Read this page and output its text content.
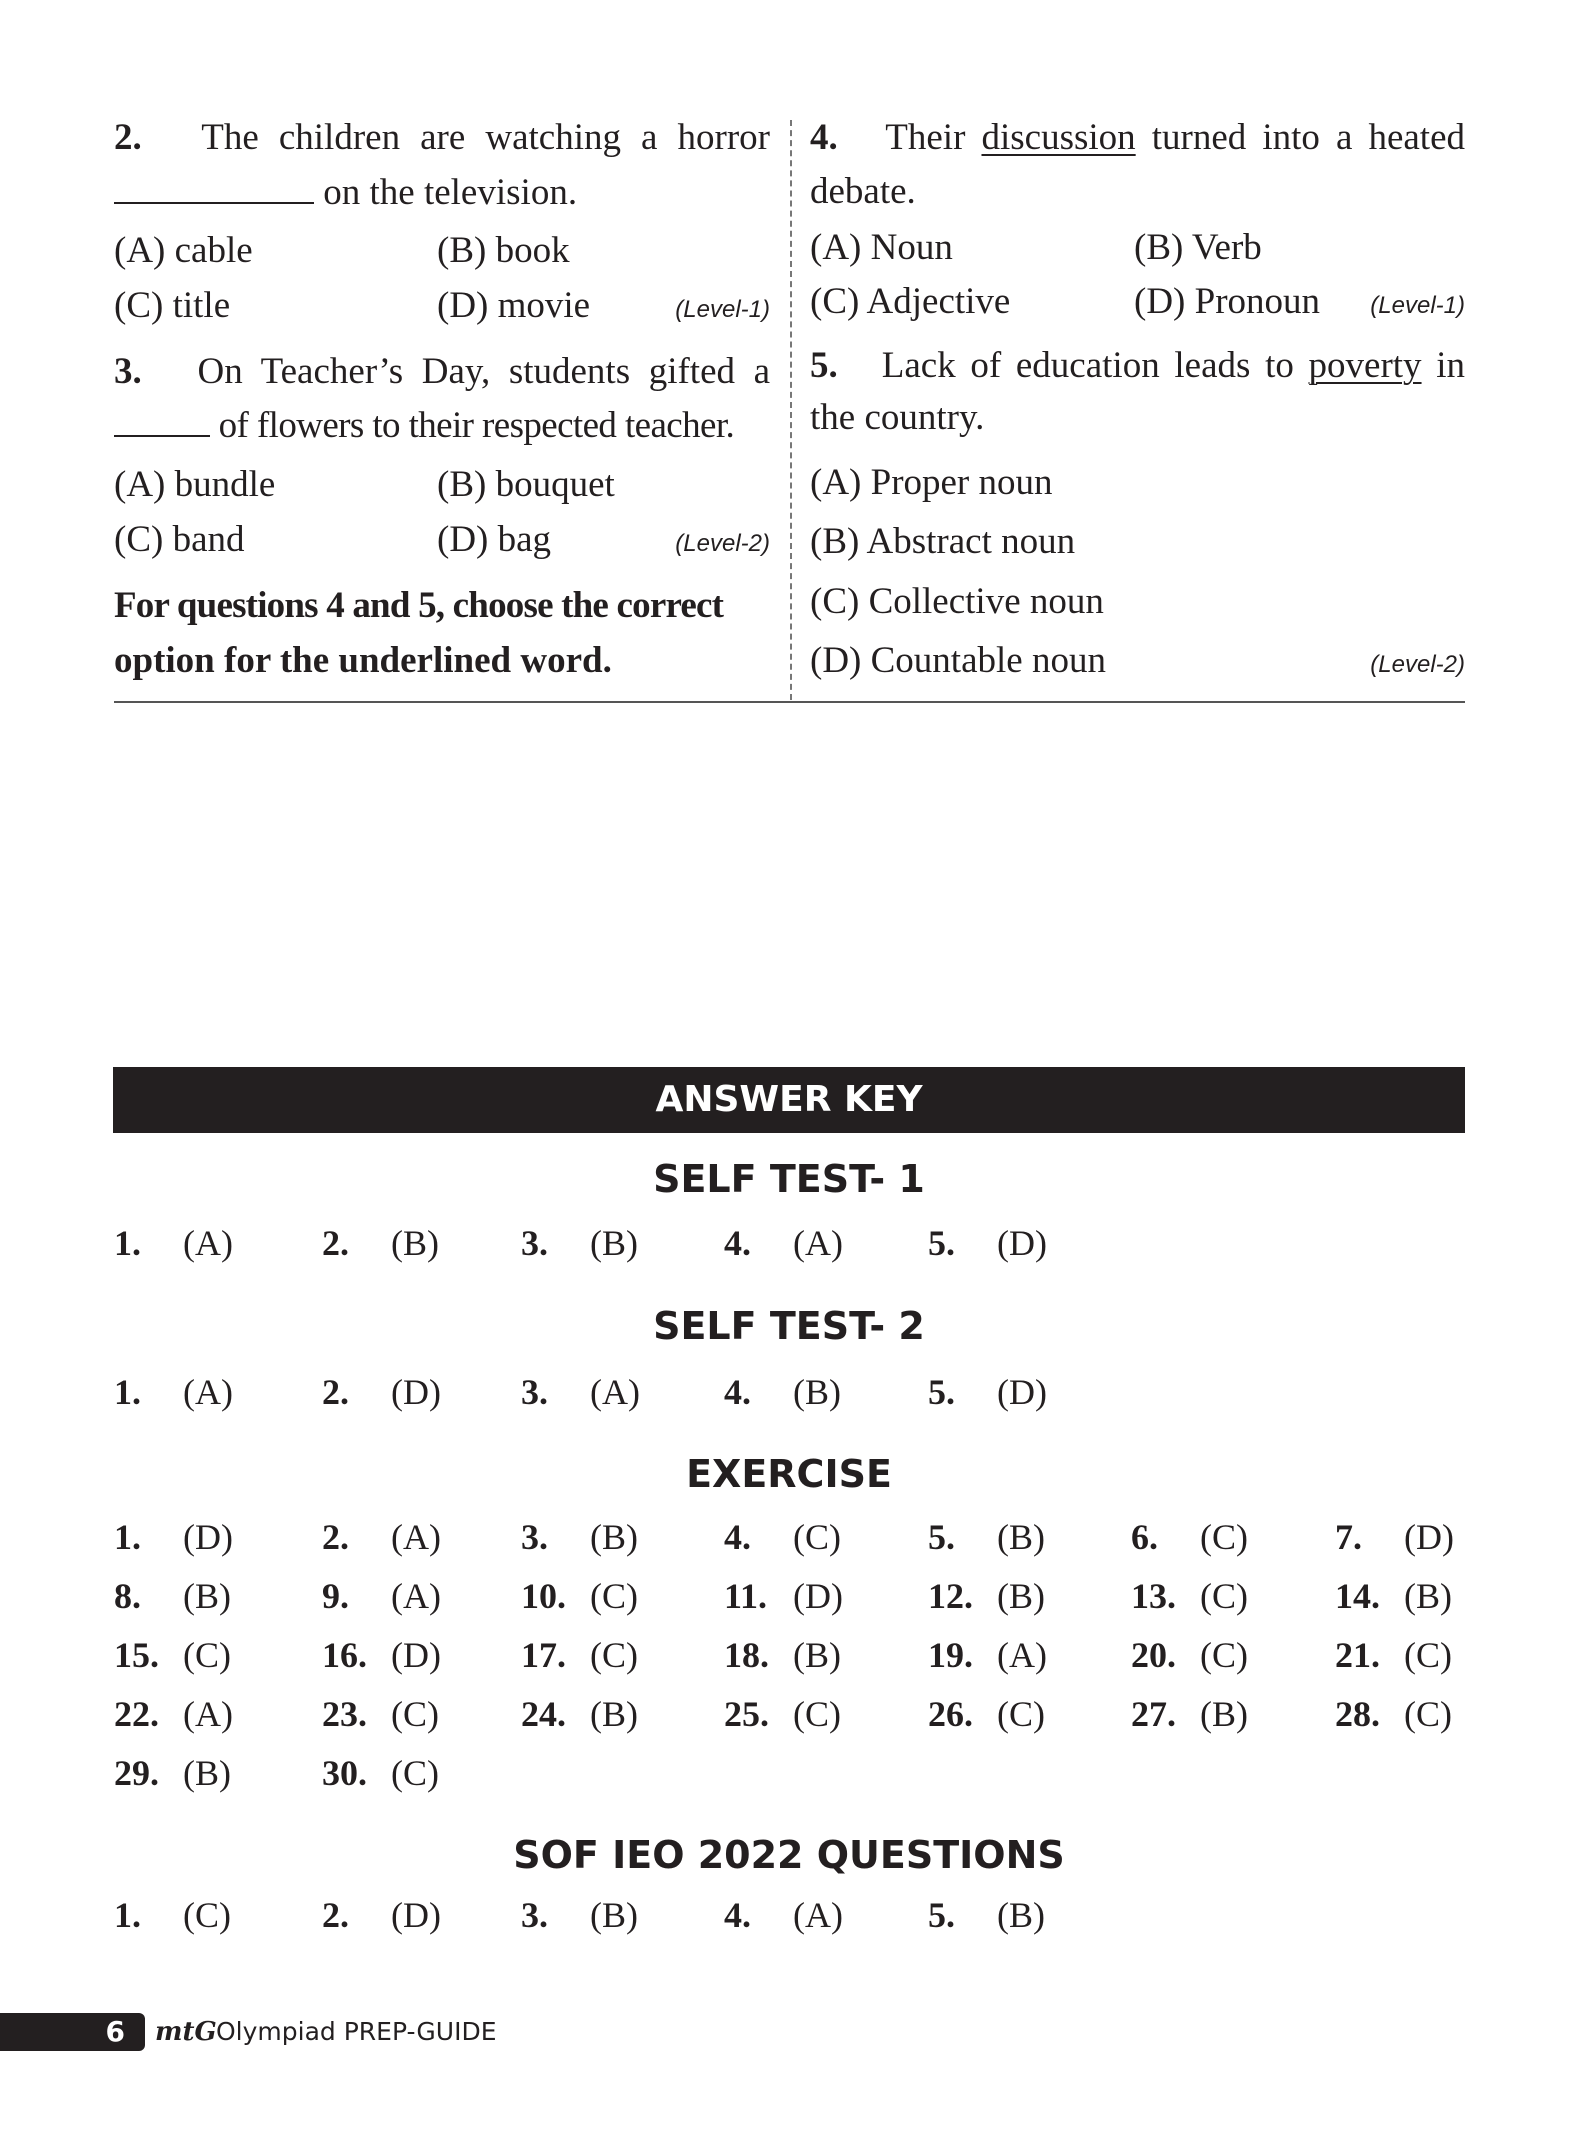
2. The children are watching a horror
on the television.
(A) cable	(B) book
(C) title	(D) movie	(Level-1)
3. On Teacher’s Day, students gifted a
of flowers to their respected teacher.
(A) bundle	(B) bouquet
(C) band	(D) bag	(Level-2)
For questions 4 and 5, choose the correct
option for the underlined word.
4. Their discussion turned into a heated
debate.
(A) Noun	(B) Verb
(C) Adjective	(D) Pronoun	(Level-1)
5. Lack of education leads to poverty in
the country.
(A) Proper noun
(B) Abstract noun
(C) Collective noun
(D) Countable noun	(Level-2)
ANSWER KEY
SELF TEST- 1
1. (A) 2. (B) 3. (B) 4. (A) 5. (D)
SELF TEST- 2
1. (A) 2. (D) 3. (A) 4. (B) 5. (D)
EXERCISE
1. (D) 2. (A) 3. (B) 4. (C) 5. (B) 6. (C) 7. (D)
8. (B)	9. (A) 10. (C) 11. (D) 12. (B) 13. (C) 14. (B)
15. (C)	16. (D) 17. (C) 18. (B) 19. (A) 20. (C) 21. (C)
22. (A) 23. (C) 24. (B) 25. (C) 26. (C) 27. (B) 28. (C)
29. (B)	30. (C)
SOF IEO 2022 QUESTIONS
1. (C)	2. (D) 3. (B) 4. (A) 5. (B)
6	mtG Olympiad PREP-GUIDE
